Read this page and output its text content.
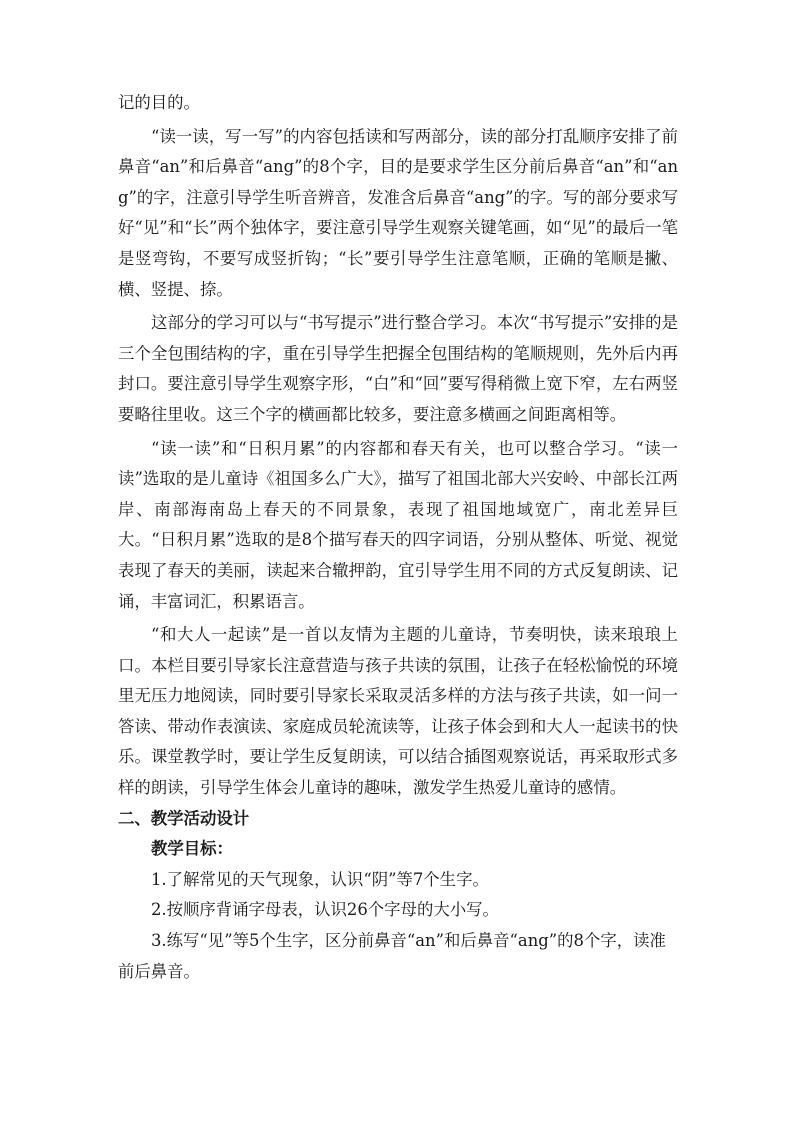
记的目的。

“读一读，写一写”的内容包括读和写两部分，读的部分打乱顺序安排了前鼻音“an”和后鼻音“ang”的8个字，目的是要求学生区分前后鼻音“an”和“ang”的字，注意引导学生听音辨音，发准含后鼻音“ang”的字。写的部分要求写好“见”和“长”两个独体字，要注意引导学生观察关键笔画，如“见”的最后一笔是竖弯钩，不要写成竖折钩；“长”要引导学生注意笔顺，正确的笔顺是撇、横、竖提、捺。

这部分的学习可以与“书写提示”进行整合学习。本次“书写提示”安排的是三个全包围结构的字，重在引导学生把握全包围结构的笔顺规则，先外后内再封口。要注意引导学生观察字形，“白”和“回”要写得稍微上宽下窄，左右两竖要略往里收。这三个字的横画都比较多，要注意多横画之间距离相等。

“读一读”和“日积月累”的内容都和春天有关，也可以整合学习。“读一读”选取的是儿童诗《祖国多么广大》，描写了祖国北部大兴安岭、中部长江两岸、南部海南岛上春天的不同景象，表现了祖国地域宽广，南北差异巨大。“日积月累”选取的是8个描写春天的四字词语，分别从整体、听觉、视觉表现了春天的美丽，读起来合辙押韵，宜引导学生用不同的方式反复朗读、记诵，丰富词汇，积累语言。

“和大人一起读”是一首以友情为主题的儿童诗，节奏明快，读来琅琅上口。本栏目要引导家长注意营造与孩子共读的氛围，让孩子在轻松愉悦的环境里无压力地阅读，同时要引导家长采取灵活多样的方法与孩子共读，如一问一答读、带动作表演读、家庭成员轮流读等，让孩子体会到和大人一起读书的快乐。课堂教学时，要让学生反复朗读，可以结合插图观察说话，再采取形式多样的朗读，引导学生体会儿童诗的趣味，激发学生热爱儿童诗的感情。

二、教学活动设计

教学目标：

1.了解常见的天气现象，认识“阴”等7个生字。

2.按顺序背诵字母表，认识26个字母的大小写。

3.练写“见”等5个生字，区分前鼻音“an”和后鼻音“ang”的8个字，读准前后鼻音。
